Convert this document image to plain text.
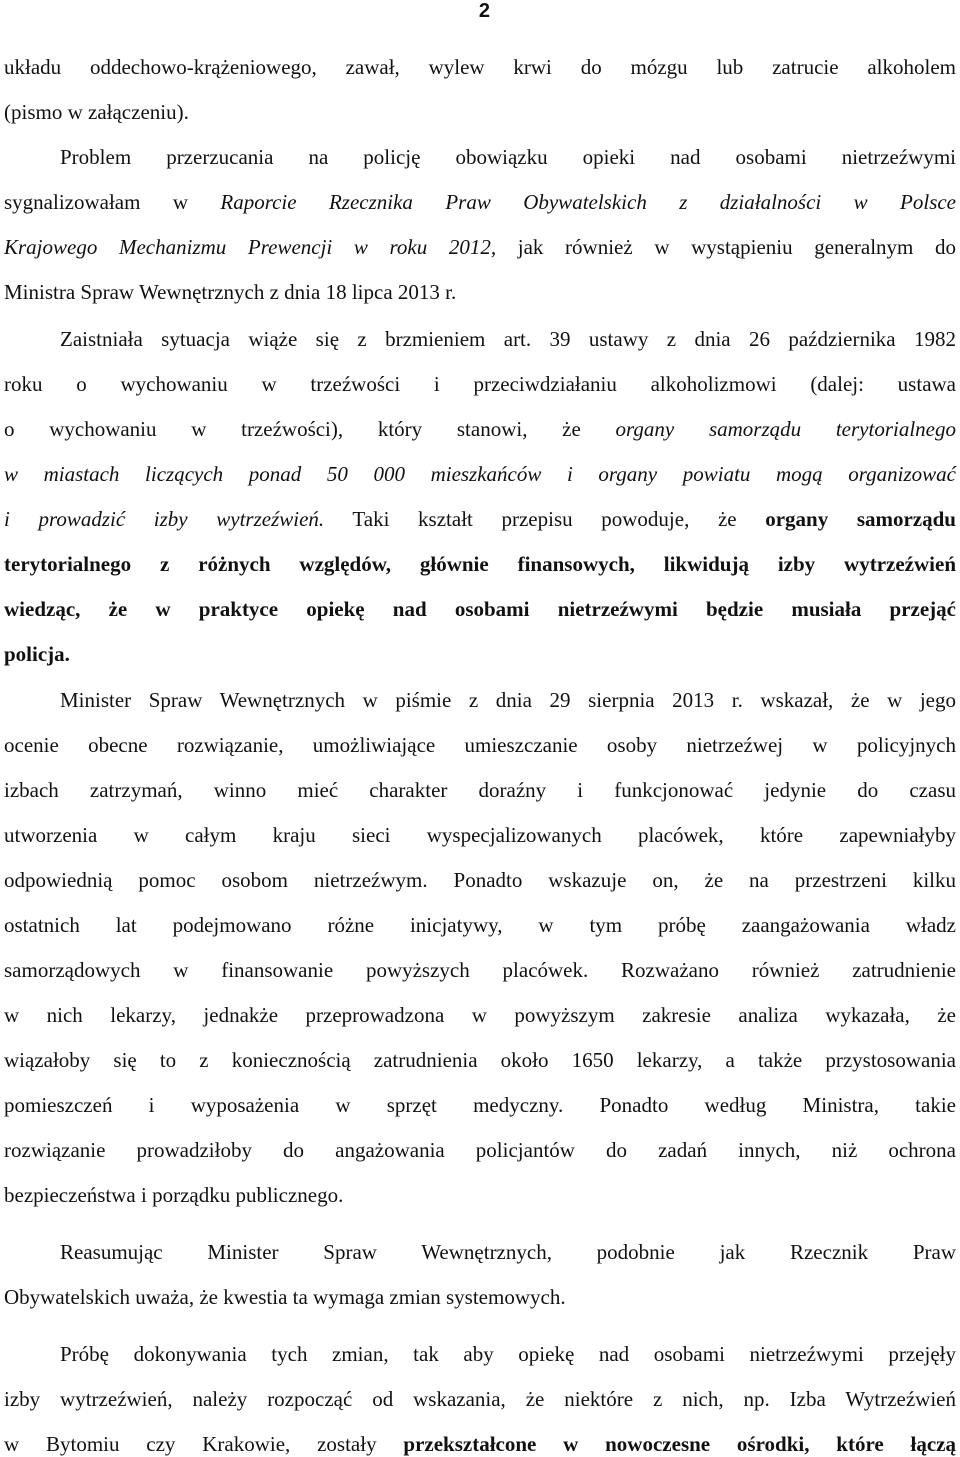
2
układu oddechowo-krążeniowego, zawał, wylew krwi do mózgu lub zatrucie alkoholem
(pismo w załączeniu).
Problem przerzucania na policję obowiązku opieki nad osobami nietrzeźwymi
sygnalizowałam w Raporcie Rzecznika Praw Obywatelskich z działalności w Polsce
Krajowego Mechanizmu Prewencji w roku 2012, jak również w wystąpieniu generalnym do
Ministra Spraw Wewnętrznych z dnia 18 lipca 2013 r.
Zaistniała sytuacja wiąże się z brzmieniem art. 39 ustawy z dnia 26 października 1982
roku o wychowaniu w trzeźwości i przeciwdziałaniu alkoholizmowi (dalej: ustawa
o wychowaniu w trzeźwości), który stanowi, że organy samorządu terytorialnego
w miastach liczących ponad 50 000 mieszkańców i organy powiatu mogą organizować
i prowadzić izby wytrzeźwień. Taki kształt przepisu powoduje, że organy samorządu
terytorialnego z różnych względów, głównie finansowych, likwidują izby wytrzeźwień
wiedząc, że w praktyce opiekę nad osobami nietrzeźwymi będzie musiała przejąć
policja.
Minister Spraw Wewnętrznych w piśmie z dnia 29 sierpnia 2013 r. wskazał, że w jego
ocenie obecne rozwiązanie, umożliwiające umieszczanie osoby nietrzeźwej w policyjnych
izbach zatrzymań, winno mieć charakter doraźny i funkcjonować jedynie do czasu
utworzenia w całym kraju sieci wyspecjalizowanych placówek, które zapewniałyby
odpowiednią pomoc osobom nietrzeźwym. Ponadto wskazuje on, że na przestrzeni kilku
ostatnich lat podejmowano różne inicjatywy, w tym próbę zaangażowania władz
samorządowych w finansowanie powyższych placówek. Rozważano również zatrudnienie
w nich lekarzy, jednakże przeprowadzona w powyższym zakresie analiza wykazała, że
wiązałoby się to z koniecznością zatrudnienia około 1650 lekarzy, a także przystosowania
pomieszczeń i wyposażenia w sprzęt medyczny. Ponadto według Ministra, takie
rozwiązanie prowadziłoby do angażowania policjantów do zadań innych, niż ochrona
bezpieczeństwa i porządku publicznego.
Reasumując Minister Spraw Wewnętrznych, podobnie jak Rzecznik Praw
Obywatelskich uważa, że kwestia ta wymaga zmian systemowych.
Próbę dokonywania tych zmian, tak aby opiekę nad osobami nietrzeźwymi przejęły
izby wytrzeźwień, należy rozpocząć od wskazania, że niektóre z nich, np. Izba Wytrzeźwień
w Bytomiu czy Krakowie, zostały przekształcone w nowoczesne ośrodki, które łączą
